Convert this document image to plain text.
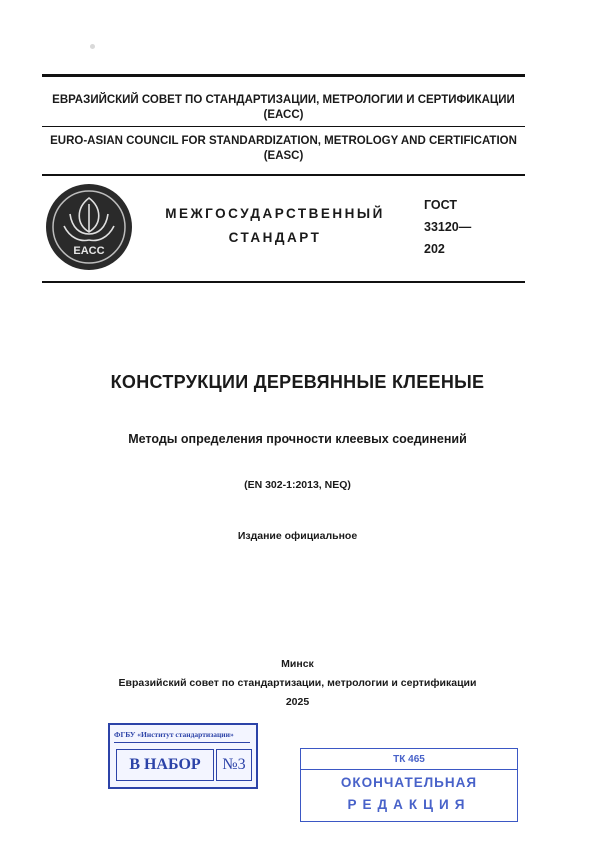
ЕВРАЗИЙСКИЙ СОВЕТ ПО СТАНДАРТИЗАЦИИ, МЕТРОЛОГИИ И СЕРТИФИКАЦИИ
(ЕАСС)
EURO-ASIAN COUNCIL FOR STANDARDIZATION, METROLOGY AND CERTIFICATION
(EASC)
EACC
МЕЖГОСУДАРСТВЕННЫЙ
СТАНДАРТ
ГОСТ
33120—
202
КОНСТРУКЦИИ ДЕРЕВЯННЫЕ КЛЕЕНЫЕ
Методы определения прочности клеевых соединений
(EN 302-1:2013, NEQ)
Издание официальное
Минск
Евразийский совет по стандартизации, метрологии и сертификации
2025
ФГБУ «Институт стандартизации»
В НАБОР	№3	ТК 465
ОКОНЧАТЕЛЬНАЯ
РЕДАКЦИЯ
